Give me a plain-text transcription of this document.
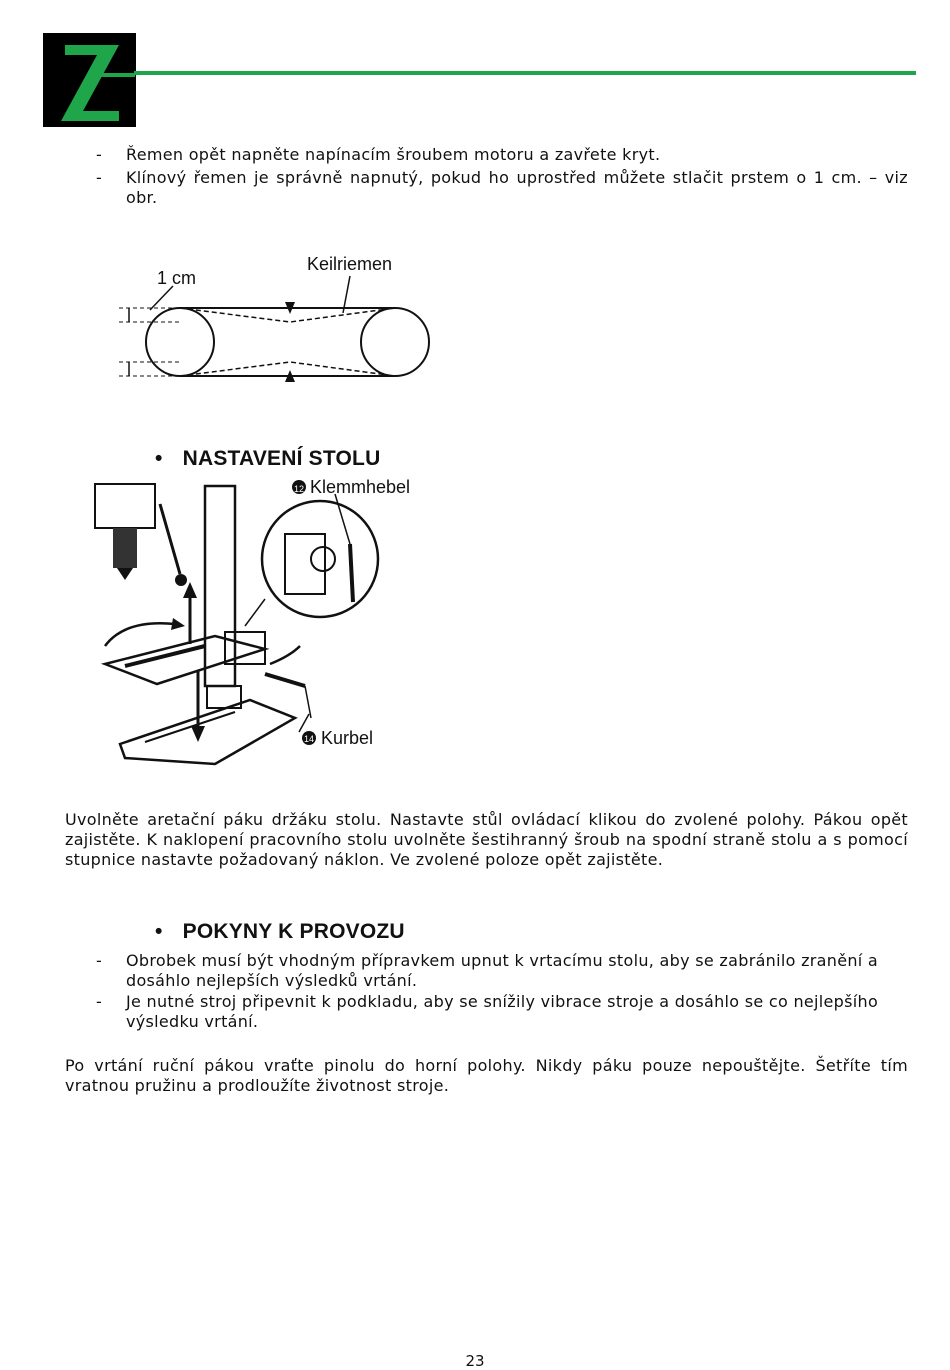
-	Řemen opět napněte napínacím šroubem motoru a zavřete kryt.
-	Klínový řemen je správně napnutý, pokud ho uprostřed můžete stlačit prstem o 1 cm. – viz obr.
1 cm
Keilriemen
• NASTAVENÍ STOLU
12 Klemmhebel
14 Kurbel
Uvolněte aretační páku držáku stolu. Nastavte stůl ovládací klikou do zvolené polohy. Pákou opět zajistěte. K naklopení pracovního stolu uvolněte šestihranný šroub na spodní straně stolu a s pomocí stupnice nastavte požadovaný náklon. Ve zvolené poloze opět zajistěte.
• POKYNY K PROVOZU
-	Obrobek musí být vhodným přípravkem upnut k vrtacímu stolu, aby se zabránilo zranění a dosáhlo nejlepších výsledků vrtání.
-	Je nutné stroj připevnit k podkladu, aby se snížily vibrace stroje a dosáhlo se co nejlepšího výsledku vrtání.
Po vrtání ruční pákou vraťte pinolu do horní polohy. Nikdy páku pouze nepouštějte. Šetříte tím vratnou pružinu a prodloužíte životnost stroje.
23
